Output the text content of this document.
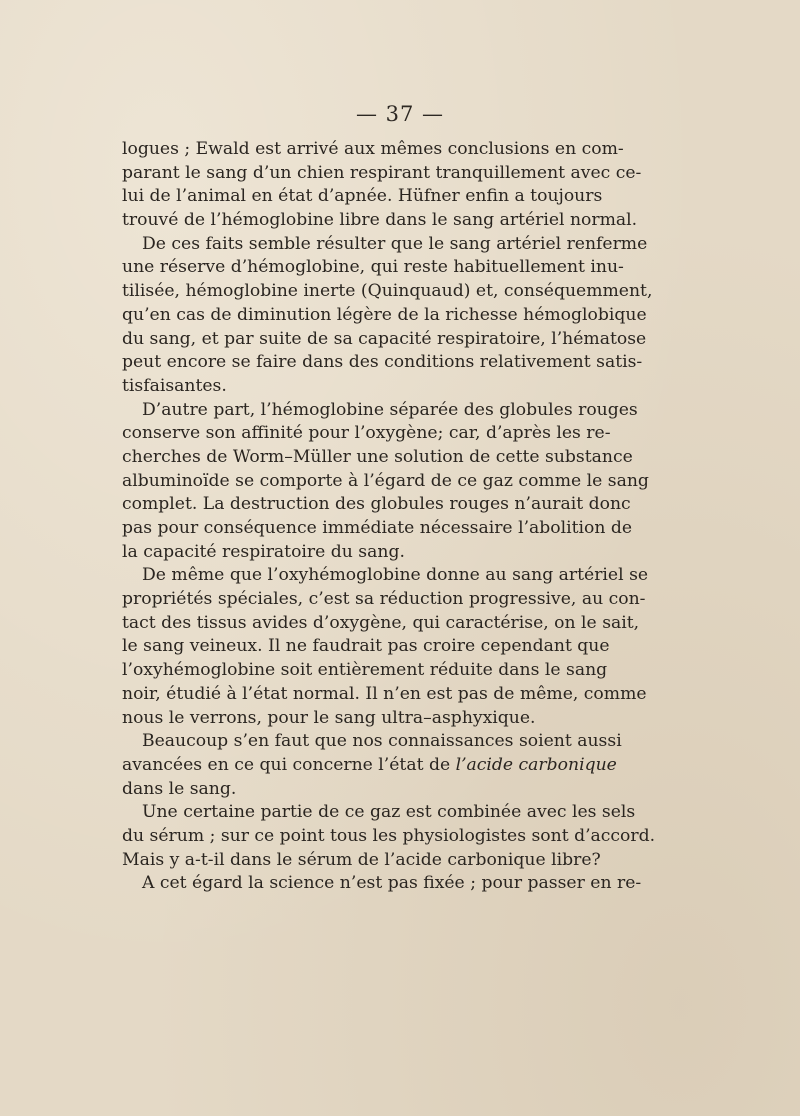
— 37 —
logues ; Ewald est arrivé aux mêmes conclusions en com-
parant le sang d’un chien respirant tranquillement avec ce-
lui de l’animal en état d’apnée. Hüfner enfin a toujours
trouvé de l’hémoglobine libre dans le sang artériel normal.
De ces faits semble résulter que le sang artériel renferme
une réserve d’hémoglobine, qui reste habituellement inu-
tilisée, hémoglobine inerte (Quinquaud) et, conséquemment,
qu’en cas de diminution légère de la richesse hémoglobique
du sang, et par suite de sa capacité respiratoire, l’hématose
peut encore se faire dans des conditions relativement satis-
tisfaisantes.
D’autre part, l’hémoglobine séparée des globules rouges
conserve son affinité pour l’oxygène; car, d’après les re-
cherches de Worm–Müller une solution de cette substance
albuminoïde se comporte à l’égard de ce gaz comme le sang
complet. La destruction des globules rouges n’aurait donc
pas pour conséquence immédiate nécessaire l’abolition de
la capacité respiratoire du sang.
De même que l’oxyhémoglobine donne au sang artériel se
propriétés spéciales, c’est sa réduction progressive, au con-
tact des tissus avides d’oxygène, qui caractérise, on le sait,
le sang veineux. Il ne faudrait pas croire cependant que
l’oxyhémoglobine soit entièrement réduite dans le sang
noir, étudié à l’état normal. Il n’en est pas de même, comme
nous le verrons, pour le sang ultra–asphyxique.
Beaucoup s’en faut que nos connaissances soient aussi
avancées en ce qui concerne l’état de l’acide carbonique
dans le sang.
Une certaine partie de ce gaz est combinée avec les sels
du sérum ; sur ce point tous les physiologistes sont d’accord.
Mais y a-t-il dans le sérum de l’acide carbonique libre?
A cet égard la science n’est pas fixée ; pour passer en re-
